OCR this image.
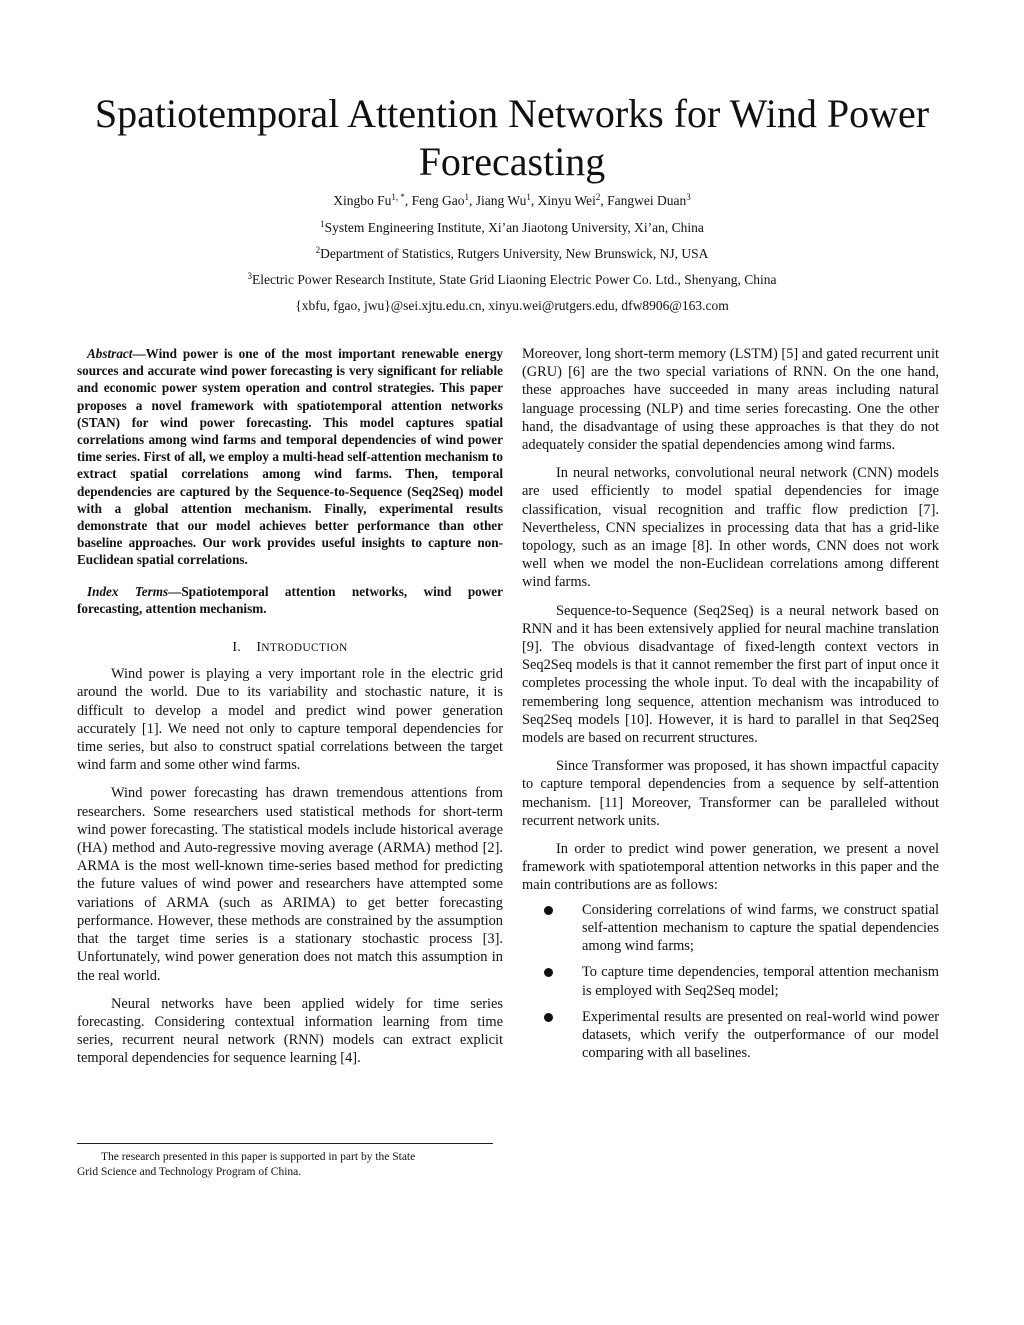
Spatiotemporal Attention Networks for Wind Power
Forecasting
Xingbo $Fu^{1, *}$, Feng Gao$^1$, Jiang Wu$^1$, Xinyu Wei$^2$, Fangwei Duan$^3$
$^1$System Engineering Institute, Xi’an Jiaotong University, Xi’an, China
$^2$Department of Statistics, Rutgers University, New Brunswick, NJ, USA
$^3$Electric Power Research Institute, State Grid Liaoning Electric Power Co. Ltd., Shenyang, China
{xbfu, fgao, jwu}@sei.xjtu.edu.cn, xinyu.wei@rutgers.edu, dfw8906@163.com

Abstract—Wind power is one of the most important renewable energy sources and accurate wind power forecasting is very significant for reliable and economic power system operation and control strategies. This paper proposes a novel framework with spatiotemporal attention networks (STAN) for wind power forecasting. This model captures spatial correlations among wind farms and temporal dependencies of wind power time series. First of all, we employ a multi-head self-attention mechanism to extract spatial correlations among wind farms. Then, temporal dependencies are captured by the Sequence-to-Sequence (Seq2Seq) model with a global attention mechanism. Finally, experimental results demonstrate that our model achieves better performance than other baseline approaches. Our work provides useful insights to capture non-Euclidean spatial correlations.

Index Terms—Spatiotemporal attention networks, wind power forecasting, attention mechanism.

I. INTRODUCTION

Wind power is playing a very important role in the electric grid around the world. Due to its variability and stochastic nature, it is difficult to develop a model and predict wind power generation accurately [1]. We need not only to capture temporal dependencies for time series, but also to construct spatial correlations between the target wind farm and some other wind farms.

Wind power forecasting has drawn tremendous attentions from researchers. Some researchers used statistical methods for short-term wind power forecasting. The statistical models include historical average (HA) method and Auto-regressive moving average (ARMA) method [2]. ARMA is the most well-known time-series based method for predicting the future values of wind power and researchers have attempted some variations of ARMA (such as ARIMA) to get better forecasting performance. However, these methods are constrained by the assumption that the target time series is a stationary stochastic process [3]. Unfortunately, wind power generation does not match this assumption in the real world.

Neural networks have been applied widely for time series forecasting. Considering contextual information learning from time series, recurrent neural network (RNN) models can extract explicit temporal dependencies for sequence learning [4].

Moreover, long short-term memory (LSTM) [5] and gated recurrent unit (GRU) [6] are the two special variations of RNN. On the one hand, these approaches have succeeded in many areas including natural language processing (NLP) and time series forecasting. One the other hand, the disadvantage of using these approaches is that they do not adequately consider the spatial dependencies among wind farms.

In neural networks, convolutional neural network (CNN) models are used efficiently to model spatial dependencies for image classification, visual recognition and traffic flow prediction [7]. Nevertheless, CNN specializes in processing data that has a grid-like topology, such as an image [8]. In other words, CNN does not work well when we model the non-Euclidean correlations among different wind farms.

Sequence-to-Sequence (Seq2Seq) is a neural network based on RNN and it has been extensively applied for neural machine translation [9]. The obvious disadvantage of fixed-length context vectors in Seq2Seq models is that it cannot remember the first part of input once it completes processing the whole input. To deal with the incapability of remembering long sequence, attention mechanism was introduced to Seq2Seq models [10]. However, it is hard to parallel in that Seq2Seq models are based on recurrent structures.

Since Transformer was proposed, it has shown impactful capacity to capture temporal dependencies from a sequence by self-attention mechanism. [11] Moreover, Transformer can be paralleled without recurrent network units.

In order to predict wind power generation, we present a novel framework with spatiotemporal attention networks in this paper and the main contributions are as follows:

Considering correlations of wind farms, we construct spatial self-attention mechanism to capture the spatial dependencies among wind farms;
To capture time dependencies, temporal attention mechanism is employed with Seq2Seq model;
Experimental results are presented on real-world wind power datasets, which verify the outperformance of our model comparing with all baselines.
The research presented in this paper is supported in part by the State
Grid Science and Technology Program of China.
